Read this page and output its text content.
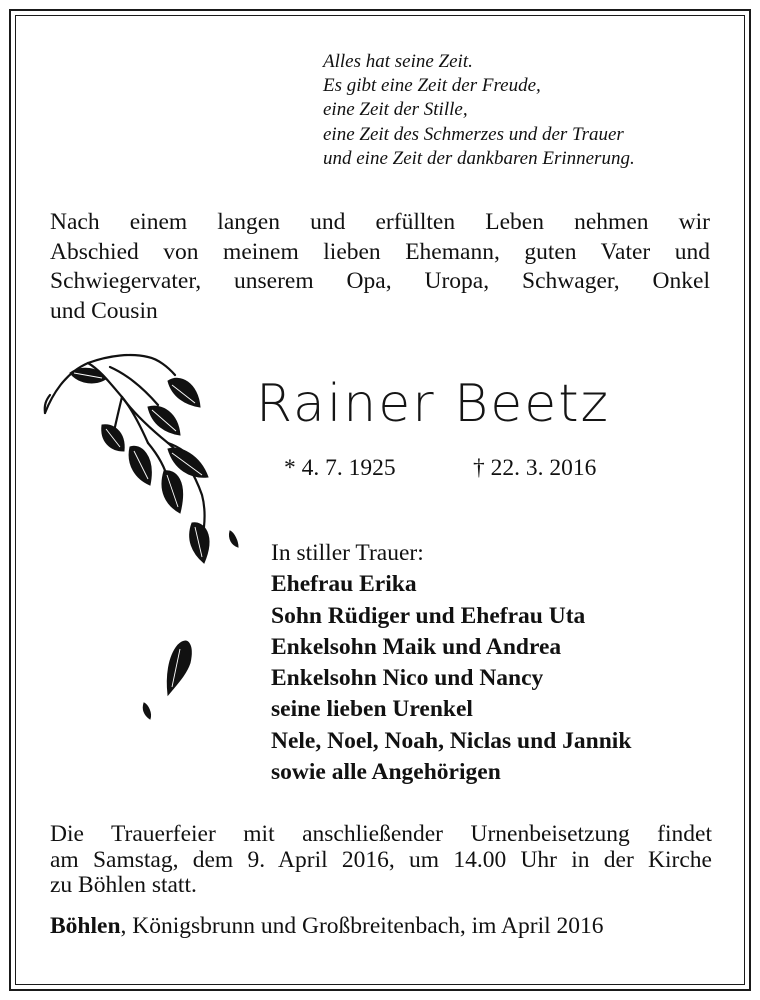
Alles hat seine Zeit.
Es gibt eine Zeit der Freude,
eine Zeit der Stille,
eine Zeit des Schmerzes und der Trauer
und eine Zeit der dankbaren Erinnerung.
Nach einem langen und erfüllten Leben nehmen wir
Abschied von meinem lieben Ehemann, guten Vater und
Schwiegervater, unserem Opa, Uropa, Schwager, Onkel
und Cousin
Rainer Beetz
* 4. 7. 1925	† 22. 3. 2016
In stiller Trauer:
Ehefrau Erika
Sohn Rüdiger und Ehefrau Uta
Enkelsohn Maik und Andrea
Enkelsohn Nico und Nancy
seine lieben Urenkel
Nele, Noel, Noah, Niclas und Jannik
sowie alle Angehörigen
Die Trauerfeier mit anschließender Urnenbeisetzung findet
am Samstag, dem 9. April 2016, um 14.00 Uhr in der Kirche
zu Böhlen statt.
Böhlen, Königsbrunn und Großbreitenbach, im April 2016
